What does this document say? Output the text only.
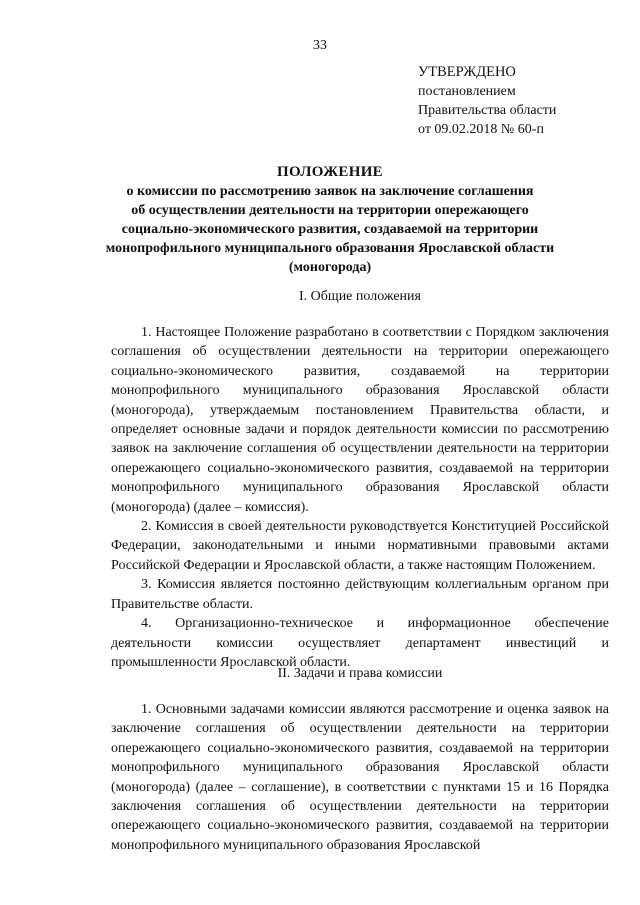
33
УТВЕРЖДЕНО
постановлением
Правительства области
от 09.02.2018 № 60-п
ПОЛОЖЕНИЕ
о комиссии по рассмотрению заявок на заключение соглашения
об осуществлении деятельности на территории опережающего
социально-экономического развития, создаваемой на территории
монопрофильного муниципального образования Ярославской области
(моногорода)
I. Общие положения

1. Настоящее Положение разработано в соответствии с Порядком заключения соглашения об осуществлении деятельности на территории опережающего социально-экономического развития, создаваемой на территории монопрофильного муниципального образования Ярославской области (моногорода), утверждаемым постановлением Правительства области, и определяет основные задачи и порядок деятельности комиссии по рассмотрению заявок на заключение соглашения об осуществлении деятельности на территории опережающего социально-экономического развития, создаваемой на территории монопрофильного муниципального образования Ярославской области (моногорода) (далее – комиссия).

2. Комиссия в своей деятельности руководствуется Конституцией Российской Федерации, законодательными и иными нормативными правовыми актами Российской Федерации и Ярославской области, а также настоящим Положением.

3. Комиссия является постоянно действующим коллегиальным органом при Правительстве области.

4. Организационно-техническое и информационное обеспечение деятельности комиссии осуществляет департамент инвестиций и промышленности Ярославской области.

II. Задачи и права комиссии

1. Основными задачами комиссии являются рассмотрение и оценка заявок на заключение соглашения об осуществлении деятельности на территории опережающего социально-экономического развития, создаваемой на территории монопрофильного муниципального образования Ярославской области (моногорода) (далее – соглашение), в соответствии с пунктами 15 и 16 Порядка заключения соглашения об осуществлении деятельности на территории опережающего социально-экономического развития, создаваемой на территории монопрофильного муниципального образования Ярославской
